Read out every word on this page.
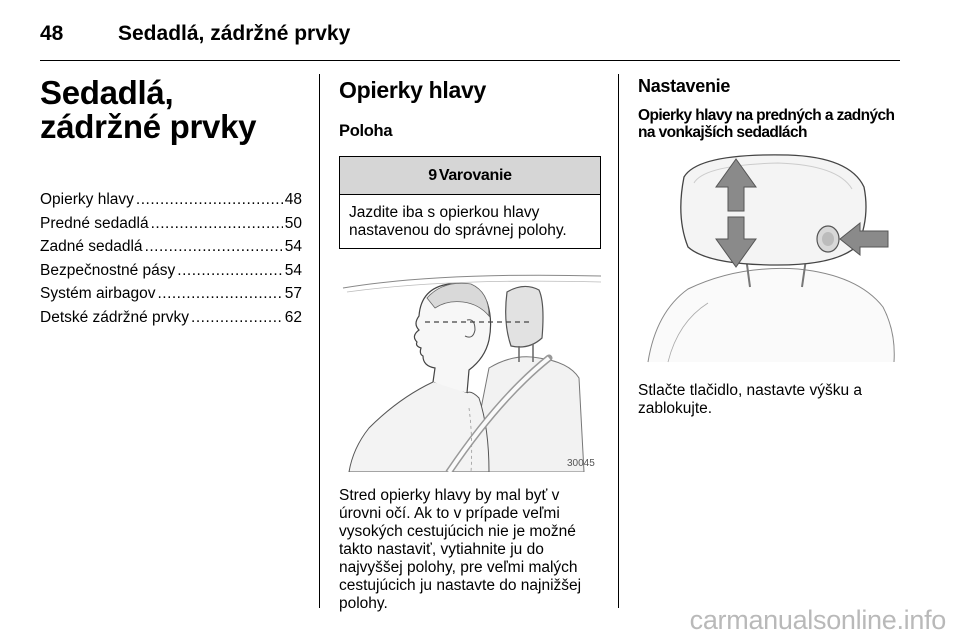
48	Sedadlá, zádržné prvky
Sedadlá, zádržné prvky
Opierky hlavy .....	48
Predné sedadlá .....	50
Zadné sedadlá .....	54
Bezpečnostné pásy .....	54
Systém airbagov .....	57
Detské zádržné prvky .....	62
Opierky hlavy
Poloha
9 Varovanie
Jazdite iba s opierkou hlavy nastavenou do správnej polohy.
30045

Stred opierky hlavy by mal byť v úrovni očí. Ak to v prípade veľmi vysokých cestujúcich nie je možné takto nastaviť, vytiahnite ju do najvyššej polohy, pre veľmi malých cestujúcich ju nastavte do najnižšej polohy.

Nastavenie
Opierky hlavy na predných a zadných na vonkajších sedadlách

Stlačte tlačidlo, nastavte výšku a zablokujte.

carmanualsonline.info
